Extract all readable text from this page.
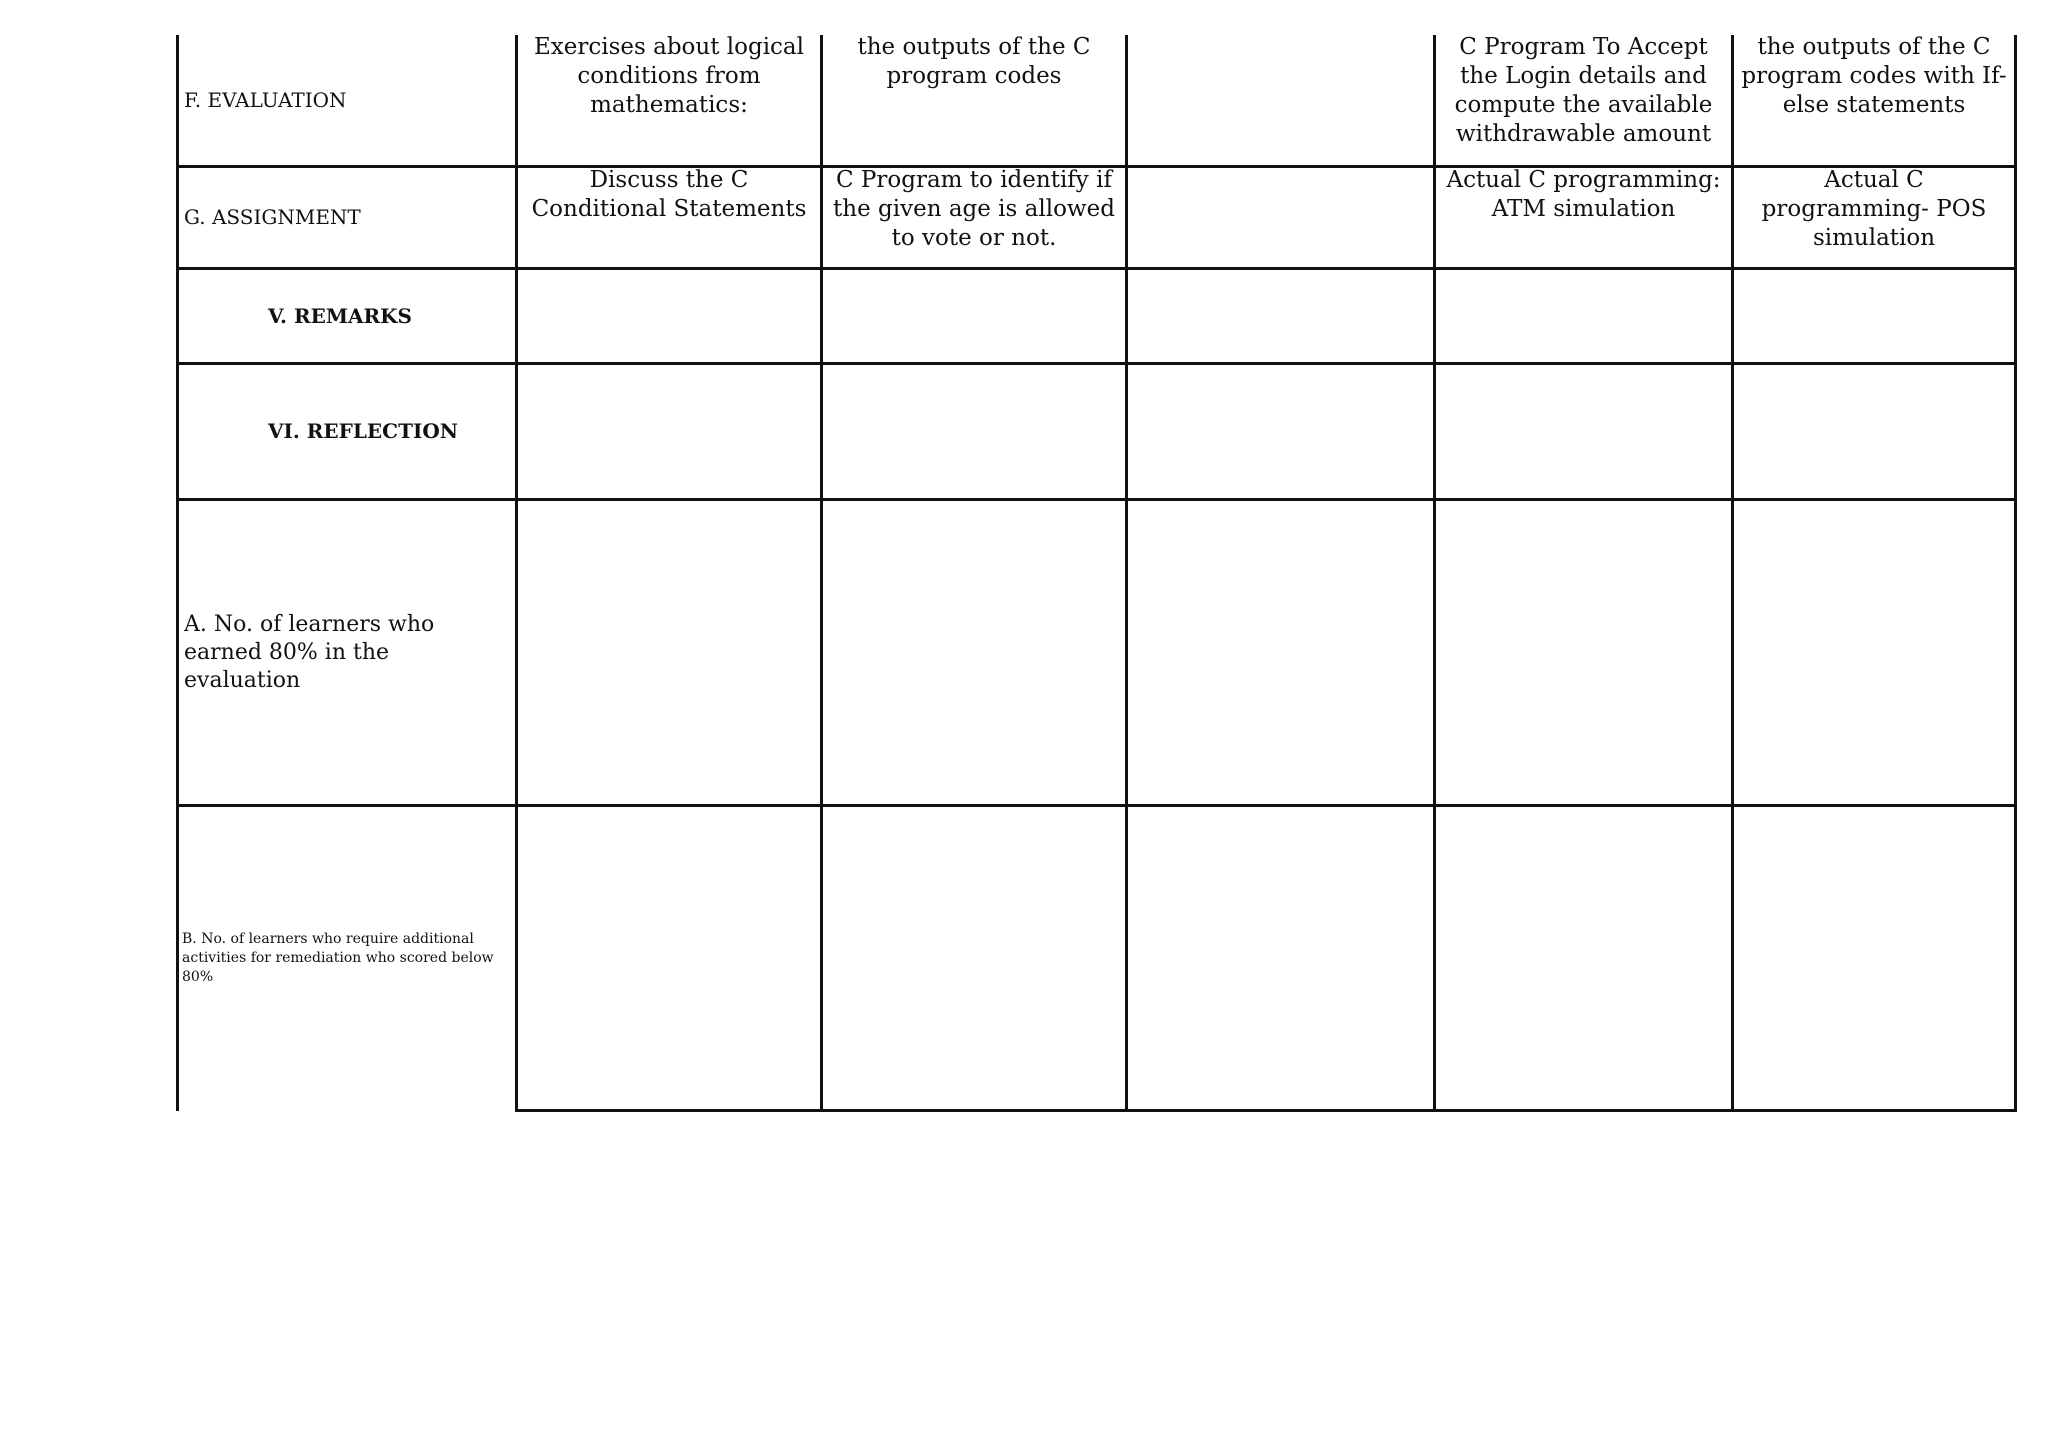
F. EVALUATION
Exercises about logical conditions from mathematics:
the outputs of the C program codes
C Program To Accept the Login details and compute the available withdrawable amount
the outputs of the C program codes with If-else statements
G. ASSIGNMENT
Discuss the C Conditional Statements
C Program to identify if the given age is allowed to vote or not.
Actual C programming: ATM simulation
Actual C programming- POS simulation
V. REMARKS
VI. REFLECTION
A. No. of learners who earned 80% in the evaluation
B. No. of learners who require additional activities for remediation who scored below 80%
